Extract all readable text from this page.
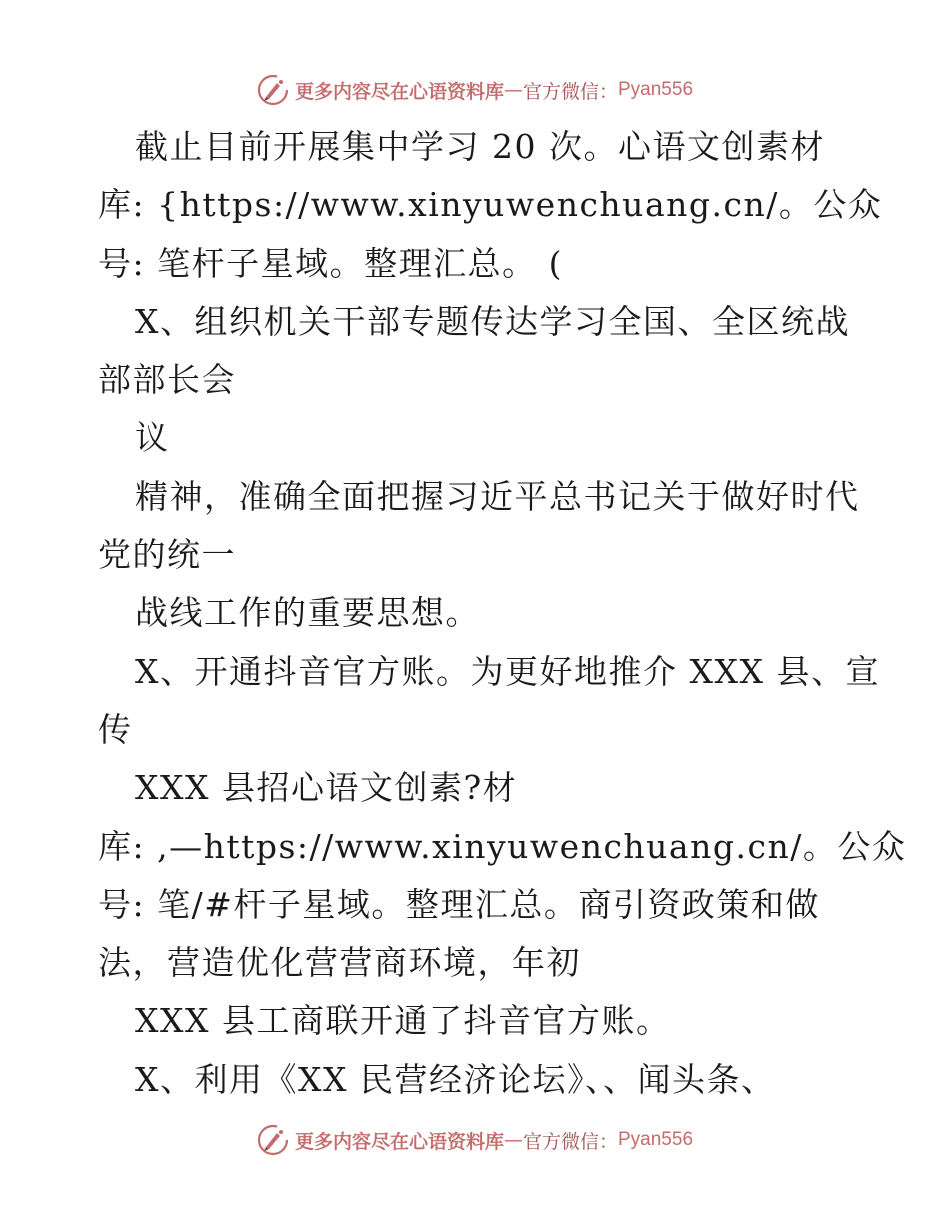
更多内容尽在心语资料库 — 官方微信： Pyan556
截止目前开展集中学习 20 次。心语文创素材
库: {https://www.xinyuwenchuang.cn/。公众
号: 笔杆子星域。整理汇总。 (
X、组织机关干部专题传达学习全国、全区统战
部部长会
议
精神，准确全面把握习近平总书记关于做好时代
党的统一
战线工作的重要思想。
X、开通抖音官方账。为更好地推介 XXX 县、宣
传
XXX 县招心语文创素?材
库: ,—https://www.xinyuwenchuang.cn/。公众
号: 笔/#杆子星域。整理汇总。商引资政策和做
法，营造优化营营商环境，年初
XXX 县工商联开通了抖音官方账。
X、利用《XX 民营经济论坛》、、闻头条、
更多内容尽在心语资料库 — 官方微信： Pyan556
